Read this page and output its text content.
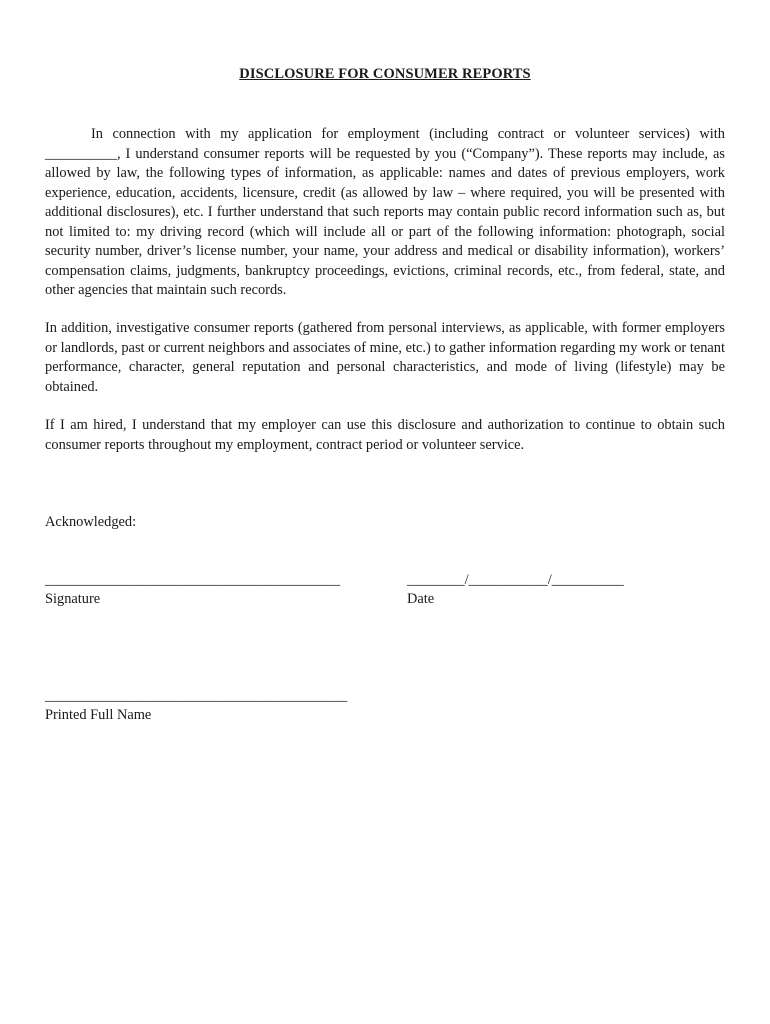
DISCLOSURE FOR CONSUMER REPORTS

In connection with my application for employment (including contract or volunteer services) with __________, I understand consumer reports will be requested by you (“Company”). These reports may include, as allowed by law, the following types of information, as applicable: names and dates of previous employers, work experience, education, accidents, licensure, credit (as allowed by law – where required, you will be presented with additional disclosures), etc. I further understand that such reports may contain public record information such as, but not limited to: my driving record (which will include all or part of the following information: photograph, social security number, driver’s license number, your name, your address and medical or disability information), workers’ compensation claims, judgments, bankruptcy proceedings, evictions, criminal records, etc., from federal, state, and other agencies that maintain such records.

In addition, investigative consumer reports (gathered from personal interviews, as applicable, with former employers or landlords, past or current neighbors and associates of mine, etc.) to gather information regarding my work or tenant performance, character, general reputation and personal characteristics, and mode of living (lifestyle) may be obtained.

If I am hired, I understand that my employer can use this disclosure and authorization to continue to obtain such consumer reports throughout my employment, contract period or volunteer service.

Acknowledged:
_________________________________________	________/___________/__________
Signature	Date
__________________________________________
Printed Full Name
